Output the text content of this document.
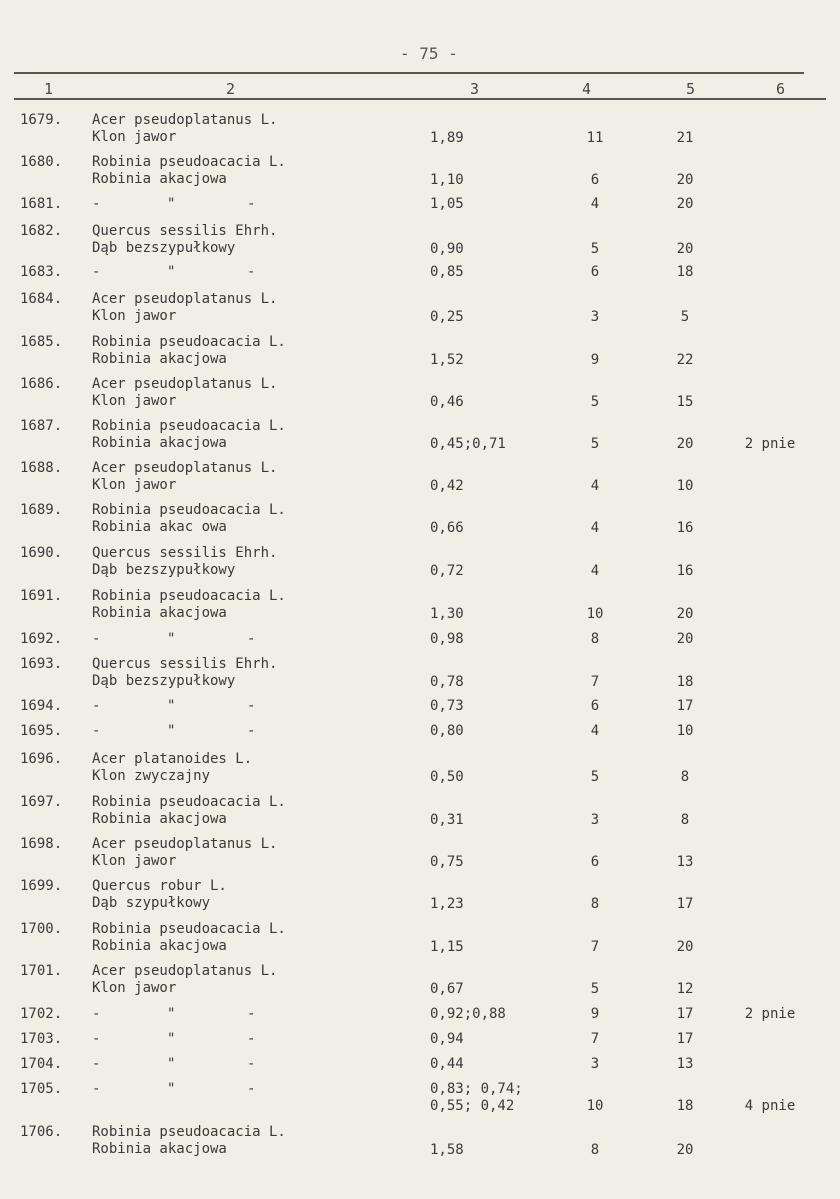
- 75 -
1	2	3	4	5	6
1679.	Acer pseudoplatanus L.
Klon jawor	1,89	11	21
1680.	Robinia pseudoacacia L.
Robinia akacjowa	1,10	6	20
1681.	-	"	-	1,05	4	20
1682.	Quercus sessilis Ehrh.
Dąb bezszypułkowy	0,90	5	20
1683.	-	"	-	0,85	6	18
1684.	Acer pseudoplatanus L.
Klon jawor	0,25	3	5
1685.	Robinia pseudoacacia L.
Robinia akacjowa	1,52	9	22
1686.	Acer pseudoplatanus L.
Klon jawor	0,46	5	15
1687.	Robinia pseudoacacia L.
Robinia akacjowa	0,45;0,71	5	20	2 pnie
1688.	Acer pseudoplatanus L.
Klon jawor	0,42	4	10
1689.	Robinia pseudoacacia L.
Robinia akac owa	0,66	4	16
1690.	Quercus sessilis Ehrh.
Dąb bezszypułkowy	0,72	4	16
1691.	Robinia pseudoacacia L.
Robinia akacjowa	1,30	10	20
1692.	-	"	-	0,98	8	20
1693.	Quercus sessilis Ehrh.
Dąb bezszypułkowy	0,78	7	18
1694.	-	"	-	0,73	6	17
1695.	-	"	-	0,80	4	10
1696.	Acer platanoides L.
Klon zwyczajny	0,50	5	8
1697.	Robinia pseudoacacia L.
Robinia akacjowa	0,31	3	8
1698.	Acer pseudoplatanus L.
Klon jawor	0,75	6	13
1699.	Quercus robur L.
Dąb szypułkowy	1,23	8	17
1700.	Robinia pseudoacacia L.
Robinia akacjowa	1,15	7	20
1701.	Acer pseudoplatanus L.
Klon jawor	0,67	5	12
1702.	-	"	-	0,92;0,88	9	17	2 pnie
1703.	-	"	-	0,94	7	17
1704.	-	"	-	0,44	3	13
1705.	-	"	-	0,83; 0,74;
0,55; 0,42	10	18	4 pnie
1706.	Robinia pseudoacacia L.
Robinia akacjowa	1,58	8	20
